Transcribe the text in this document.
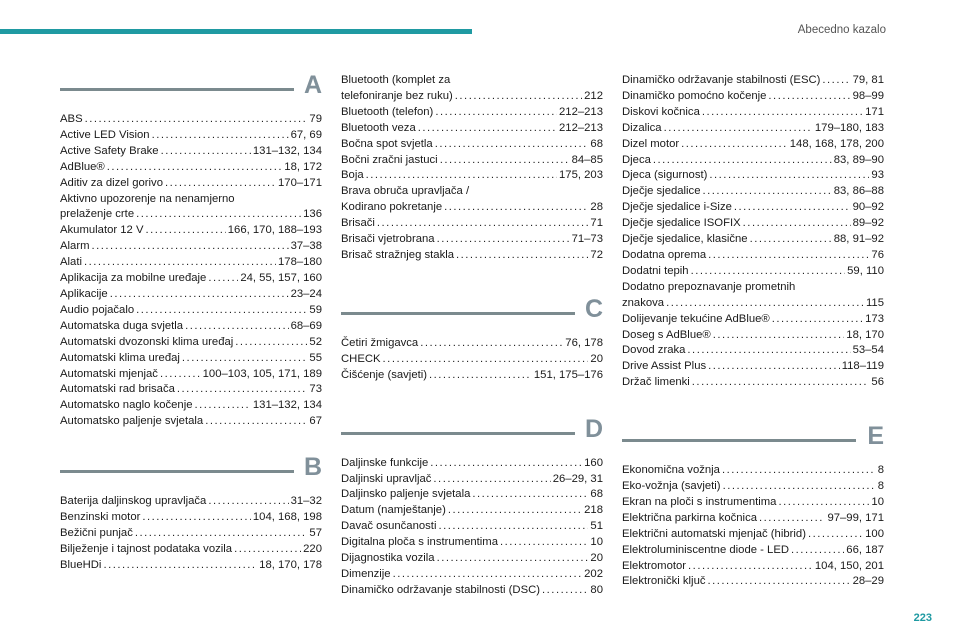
Abecedno kazalo
A
ABS .....	79
Active LED Vision .....	67, 69
Active Safety Brake .....	131–132, 134
AdBlue® .....	18, 172
Aditiv za dizel gorivo .....	170–171
Aktivno upozorenje na nenamjerno
prelaženje crte .....	136
Akumulator 12 V .....	166, 170, 188–193
Alarm .....	37–38
Alati .....	178–180
Aplikacija za mobilne uređaje .....	24, 55, 157, 160
Aplikacije .....	23–24
Audio pojačalo .....	59
Automatska duga svjetla .....	68–69
Automatski dvozonski klima uređaj .....	52
Automatski klima uređaj .....	55
Automatski mjenjač .....	100–103, 105, 171, 189
Automatski rad brisača .....	73
Automatsko naglo kočenje .....	131–132, 134
Automatsko paljenje svjetala .....	67
B
Baterija daljinskog upravljača .....	31–32
Benzinski motor .....	104, 168, 198
Bežični punjač .....	57
Bilježenje i tajnost podataka vozila .....	220
BlueHDi .....	18, 170, 178
Bluetooth (komplet za
telefoniranje bez ruku) .....	212
Bluetooth (telefon) .....	212–213
Bluetooth veza .....	212–213
Bočna spot svjetla .....	68
Bočni zračni jastuci .....	84–85
Boja .....	175, 203
Brava obruča upravljača /
Kodirano pokretanje .....	28
Brisači .....	71
Brisači vjetrobrana .....	71–73
Brisač stražnjeg stakla .....	72
C
Četiri žmigavca .....	76, 178
CHECK .....	20
Čišćenje (savjeti) .....	151, 175–176
D
Daljinske funkcije .....	160
Daljinski upravljač .....	26–29, 31
Daljinsko paljenje svjetala .....	68
Datum (namještanje) .....	218
Davač osunčanosti .....	51
Digitalna ploča s instrumentima .....	10
Dijagnostika vozila .....	20
Dimenzije .....	202
Dinamičko održavanje stabilnosti (DSC) .....	80
Dinamičko održavanje stabilnosti (ESC) .....	79, 81
Dinamičko pomoćno kočenje .....	98–99
Diskovi kočnica .....	171
Dizalica .....	179–180, 183
Dizel motor .....	148, 168, 178, 200
Djeca .....	83, 89–90
Djeca (sigurnost) .....	93
Dječje sjedalice .....	83, 86–88
Dječje sjedalice i-Size .....	90–92
Dječje sjedalice ISOFIX .....	89–92
Dječje sjedalice, klasične .....	88, 91–92
Dodatna oprema .....	76
Dodatni tepih .....	59, 110
Dodatno prepoznavanje prometnih
znakova .....	115
Dolijevanje tekućine AdBlue® .....	173
Doseg s AdBlue® .....	18, 170
Dovod zraka .....	53–54
Drive Assist Plus .....	118–119
Držač limenki .....	56
E
Ekonomična vožnja .....	8
Eko-vožnja (savjeti) .....	8
Ekran na ploči s instrumentima .....	10
Električna parkirna kočnica .....	97–99, 171
Električni automatski mjenjač (hibrid) .....	100
Elektroluminiscentne diode - LED .....	66, 187
Elektromotor .....	104, 150, 201
Elektronički ključ .....	28–29
223
